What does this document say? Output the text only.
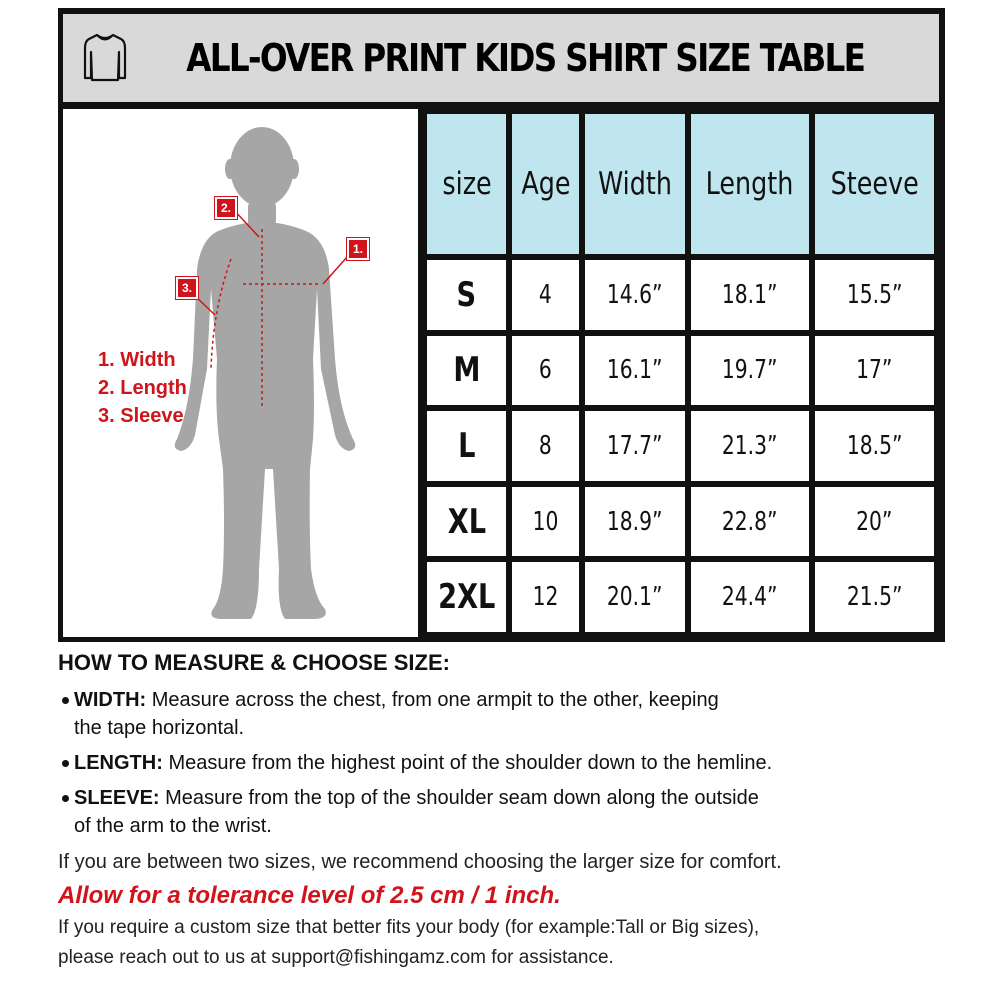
ALL-OVER PRINT KIDS SHIRT SIZE TABLE
1.
2.
3.
1. Width
2. Length
3. Sleeve
size	Age	Width	Length	Steeve
S	4	14.6”	18.1”	15.5”
M	6	16.1”	19.7”	17”
L	8	17.7”	21.3”	18.5”
XL	10	18.9”	22.8”	20”
2XL	12	20.1”	24.4”	21.5”
HOW TO MEASURE & CHOOSE SIZE:
WIDTH: Measure across the chest, from one armpit to the other, keeping
the tape horizontal.
LENGTH: Measure from the highest point of the shoulder down to the hemline.
SLEEVE: Measure from the top of the shoulder seam down along the outside
of the arm to the wrist.
If you are between two sizes, we recommend choosing the larger size for comfort.
Allow for a tolerance level of 2.5 cm / 1 inch.
If you require a custom size that better fits your body (for example:Tall or Big sizes),
please reach out to us at support@fishingamz.com for assistance.
